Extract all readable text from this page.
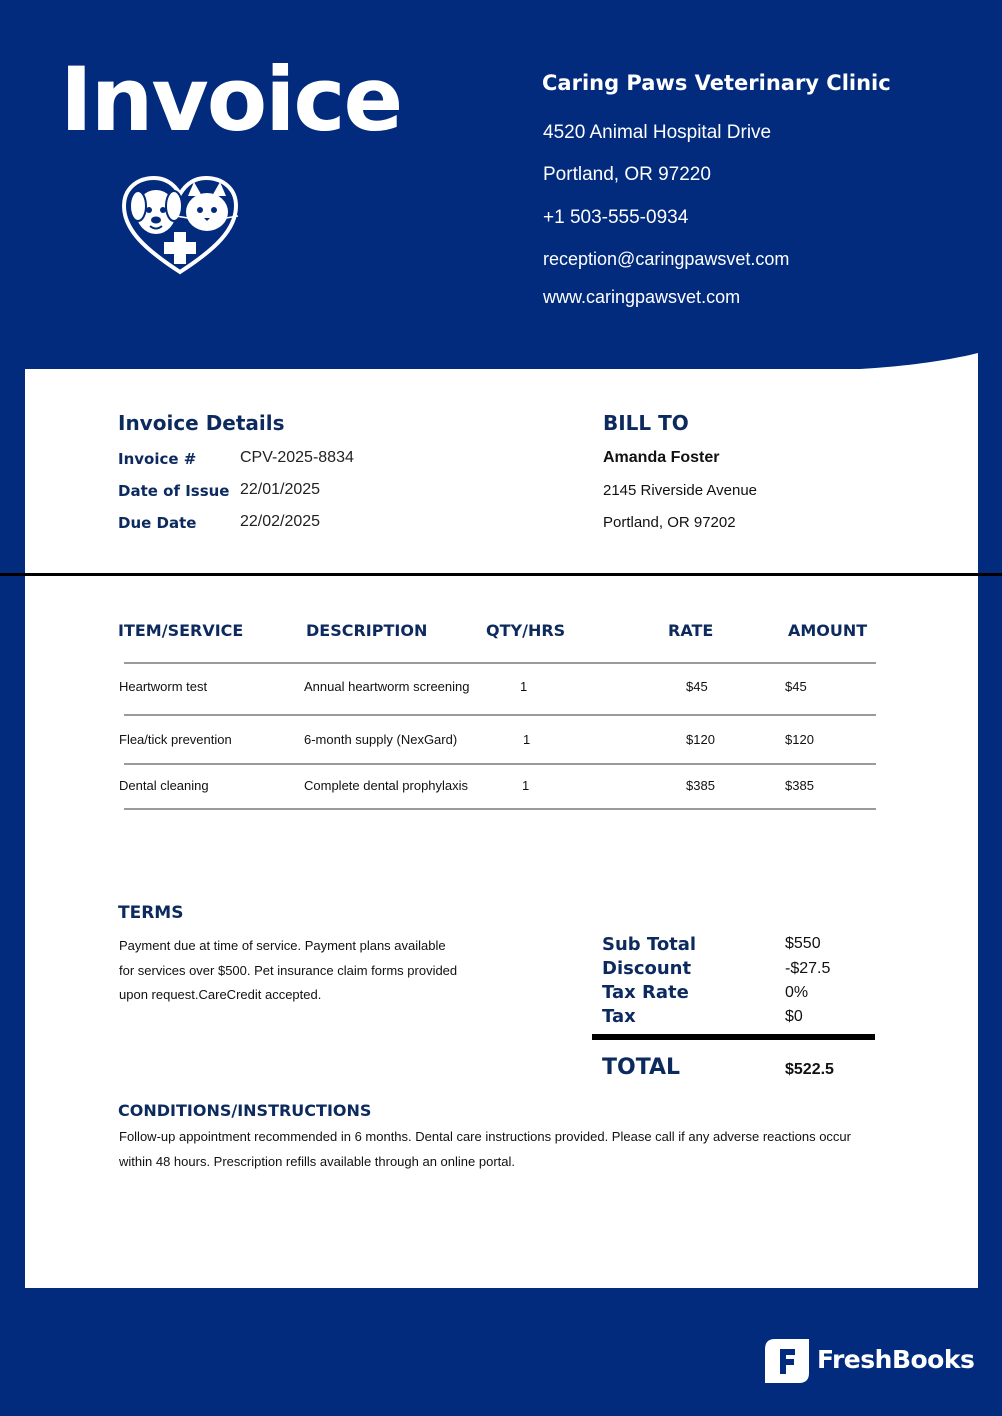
Invoice	Caring Paws Veterinary Clinic
4520 Animal Hospital Drive
Portland, OR 97220
+1 503-555-0934
reception@caringpawsvet.com
www.caringpawsvet.com
Invoice Details
Invoice #	CPV-2025-8834
Date of Issue 22/01/2025
Due Date	22/02/2025
BILL TO
Amanda Foster
2145 Riverside Avenue
Portland, OR 97202
ITEM/SERVICE	DESCRIPTION	QTY/HRS	RATE	AMOUNT
Heartworm test	Annual heartworm screening	1	$45	$45
Flea/tick prevention	6-month supply (NexGard)	1	$120	$120
Dental cleaning	Complete dental prophylaxis	1	$385	$385
TERMS
Payment due at time of service. Payment plans available
for services over $500. Pet insurance claim forms provided
upon request.CareCredit accepted.
Sub Total	$550
Discount	-$27.5
Tax Rate	0%
Tax	$0
TOTAL	$522.5
CONDITIONS/INSTRUCTIONS
Follow-up appointment recommended in 6 months. Dental care instructions provided. Please call if any adverse reactions occur
within 48 hours. Prescription refills available through an online portal.
FreshBooks
